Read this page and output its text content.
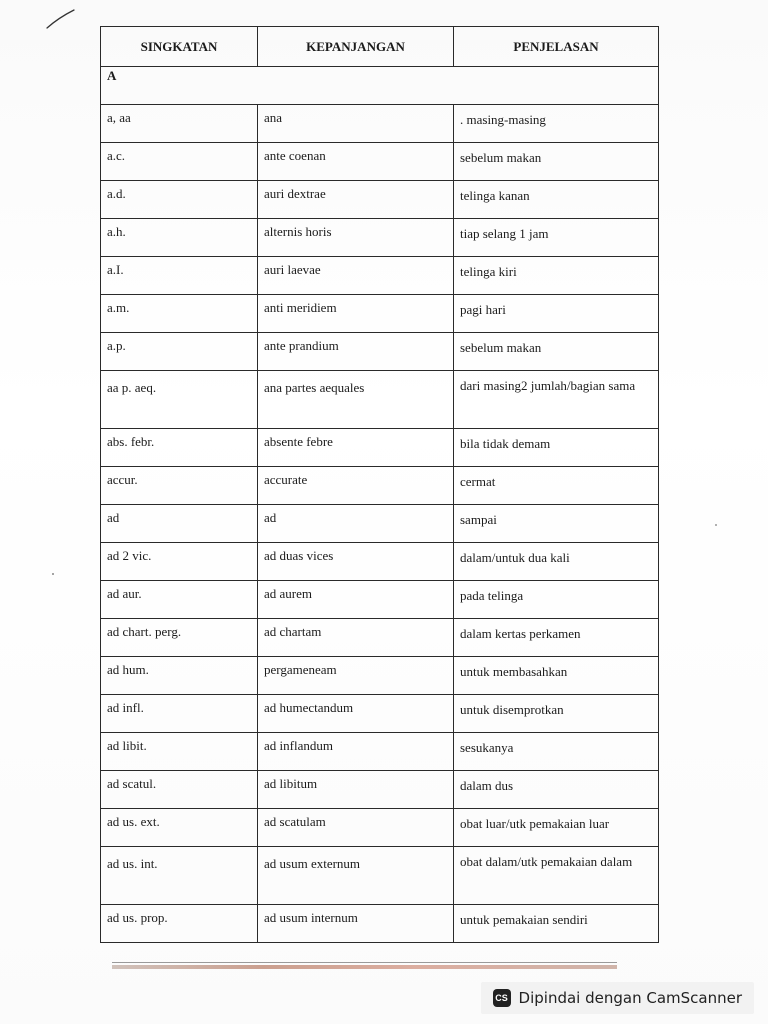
SINGKATAN	KEPANJANGAN	PENJELASAN
A		
a, aa	ana	. masing-masing
a.c.	ante coenan	sebelum makan
a.d.	auri dextrae	telinga kanan
a.h.	alternis horis	tiap selang 1 jam
a.I.	auri laevae	telinga kiri
a.m.	anti meridiem	pagi hari
a.p.	ante prandium	sebelum makan
aa p. aeq.	ana partes aequales	dari masing2 jumlah/bagian sama
abs. febr.	absente febre	bila tidak demam
accur.	accurate	cermat
ad	ad	sampai
ad 2 vic.	ad duas vices	dalam/untuk dua kali
ad aur.	ad aurem	pada telinga
ad chart. perg.	ad chartam	dalam kertas perkamen
ad hum.	pergameneam	untuk membasahkan
ad infl.	ad humectandum	untuk disemprotkan
ad libit.	ad inflandum	sesukanya
ad scatul.	ad libitum	dalam dus
ad us. ext.	ad scatulam	obat luar/utk pemakaian luar
ad us. int.	ad usum externum	obat dalam/utk pemakaian dalam
ad us. prop.	ad usum internum	untuk pemakaian sendiri
CS Dipindai dengan CamScanner
